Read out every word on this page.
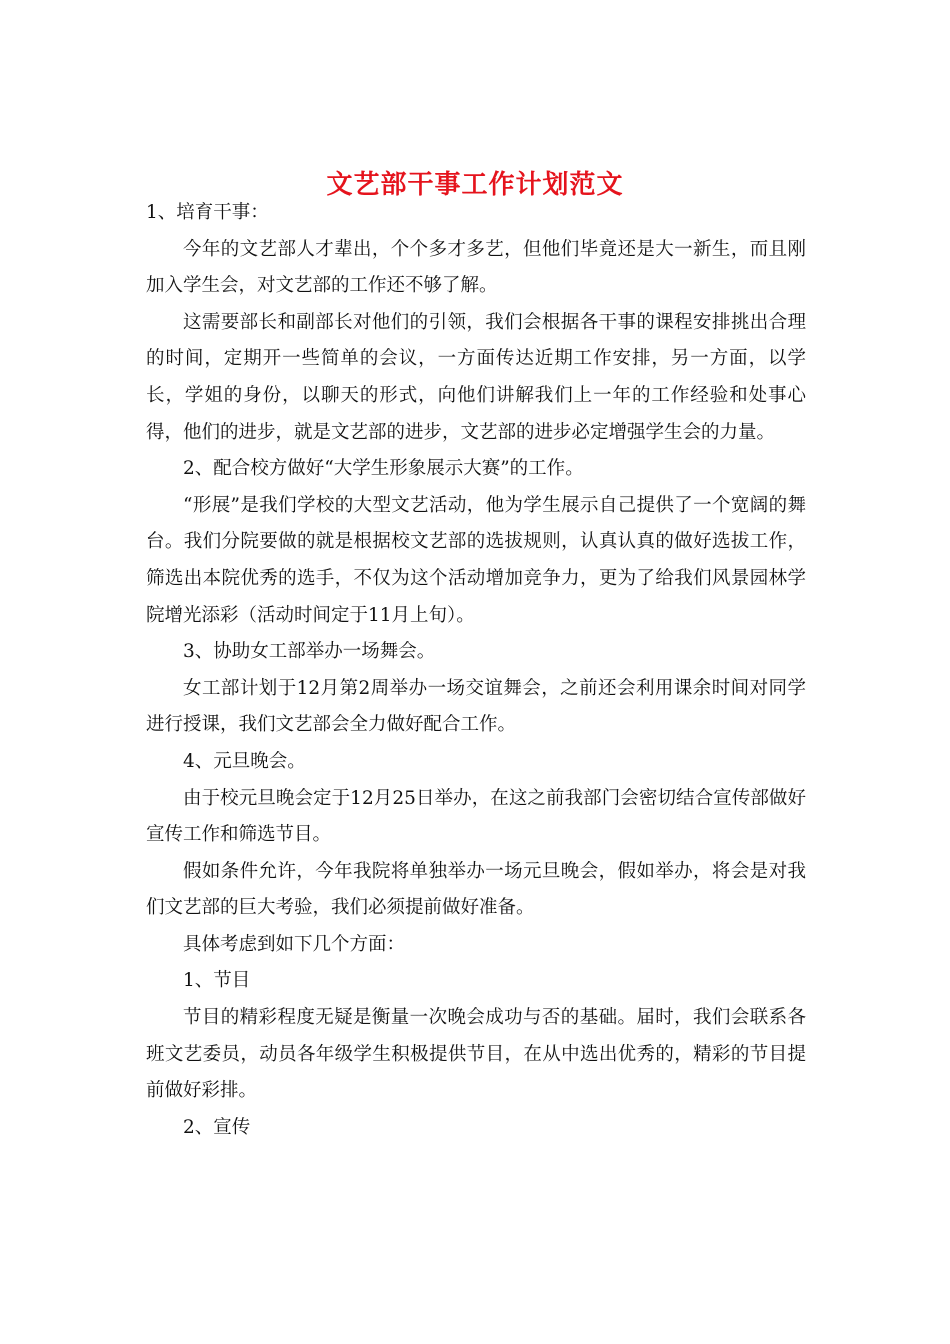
文艺部干事工作计划范文

1、培育干事：

今年的文艺部人才辈出，个个多才多艺，但他们毕竟还是大一新生，而且刚加入学生会，对文艺部的工作还不够了解。

这需要部长和副部长对他们的引领，我们会根据各干事的课程安排挑出合理的时间，定期开一些简单的会议，一方面传达近期工作安排，另一方面，以学长，学姐的身份，以聊天的形式，向他们讲解我们上一年的工作经验和处事心得，他们的进步，就是文艺部的进步，文艺部的进步必定增强学生会的力量。

2、配合校方做好“大学生形象展示大赛”的工作。

“形展”是我们学校的大型文艺活动，他为学生展示自己提供了一个宽阔的舞台。我们分院要做的就是根据校文艺部的选拔规则，认真认真的做好选拔工作，筛选出本院优秀的选手，不仅为这个活动增加竞争力，更为了给我们风景园林学院增光添彩（活动时间定于11月上旬）。

3、协助女工部举办一场舞会。

女工部计划于12月第2周举办一场交谊舞会，之前还会利用课余时间对同学进行授课，我们文艺部会全力做好配合工作。

4、元旦晚会。

由于校元旦晚会定于12月25日举办，在这之前我部门会密切结合宣传部做好宣传工作和筛选节目。

假如条件允许，今年我院将单独举办一场元旦晚会，假如举办，将会是对我们文艺部的巨大考验，我们必须提前做好准备。

具体考虑到如下几个方面：

1、节目

节目的精彩程度无疑是衡量一次晚会成功与否的基础。届时，我们会联系各班文艺委员，动员各年级学生积极提供节目，在从中选出优秀的，精彩的节目提前做好彩排。

2、宣传
